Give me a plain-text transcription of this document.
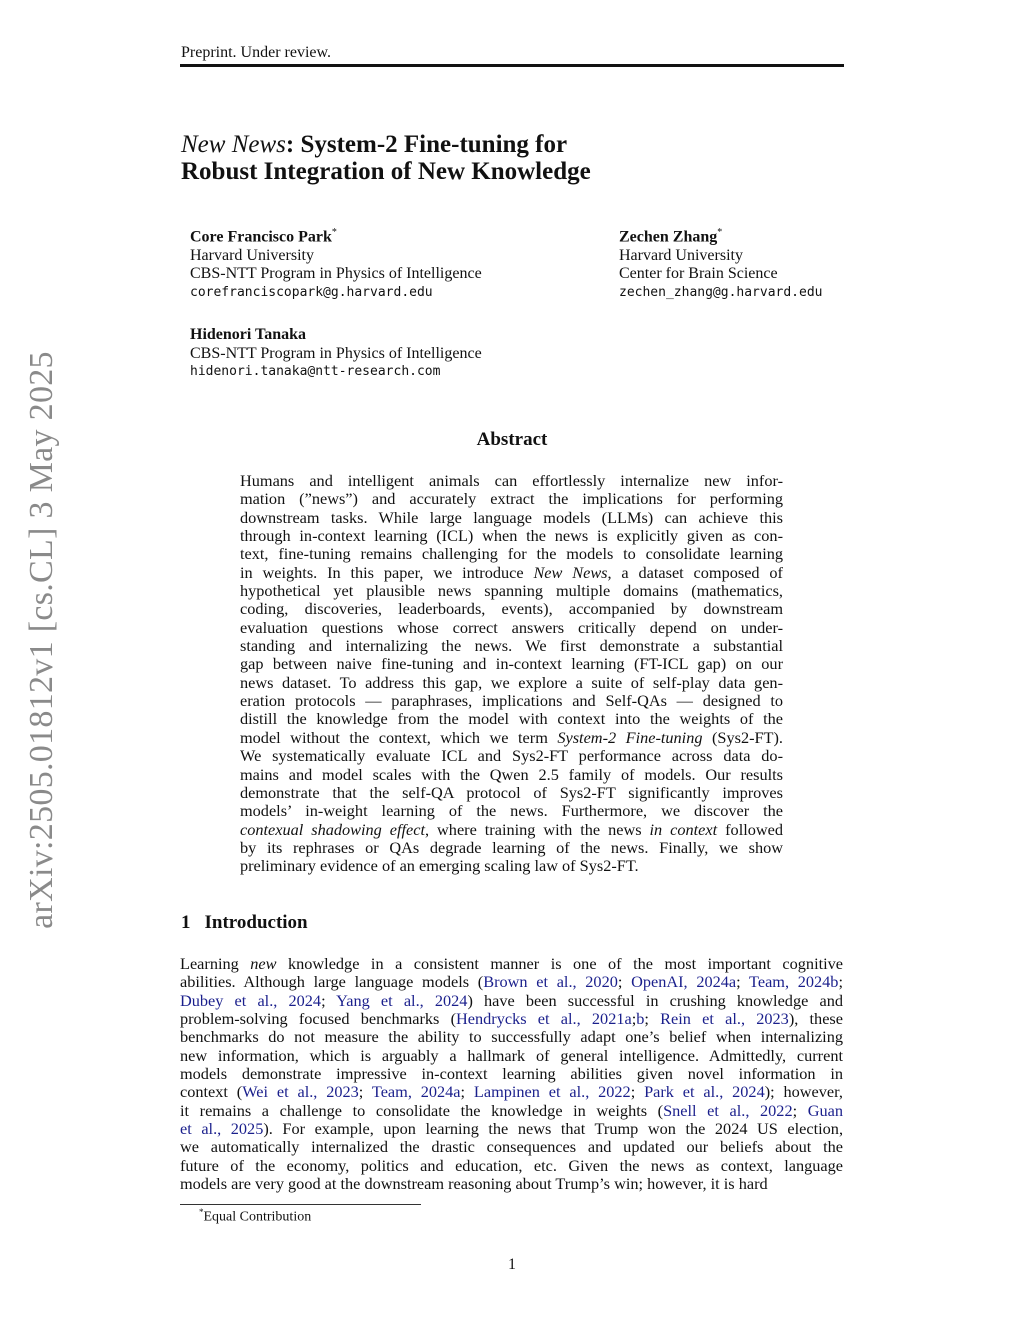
Preprint. Under review.
arXiv:2505.01812v1 [cs.CL] 3 May 2025
New News: System-2 Fine-tuning for
Robust Integration of New Knowledge
Core Francisco Park*
Harvard University
CBS-NTT Program in Physics of Intelligence
corefranciscopark@g.harvard.edu
Zechen Zhang*
Harvard University
Center for Brain Science
zechen_zhang@g.harvard.edu
Hidenori Tanaka
CBS-NTT Program in Physics of Intelligence
hidenori.tanaka@ntt-research.com
Abstract
Humans and intelligent animals can effortlessly internalize new infor-
mation (”news”) and accurately extract the implications for performing
downstream tasks. While large language models (LLMs) can achieve this
through in-context learning (ICL) when the news is explicitly given as con-
text, fine-tuning remains challenging for the models to consolidate learning
in weights. In this paper, we introduce New News, a dataset composed of
hypothetical yet plausible news spanning multiple domains (mathematics,
coding, discoveries, leaderboards, events), accompanied by downstream
evaluation questions whose correct answers critically depend on under-
standing and internalizing the news. We first demonstrate a substantial
gap between naive fine-tuning and in-context learning (FT-ICL gap) on our
news dataset. To address this gap, we explore a suite of self-play data gen-
eration protocols — paraphrases, implications and Self-QAs — designed to
distill the knowledge from the model with context into the weights of the
model without the context, which we term System-2 Fine-tuning (Sys2-FT).
We systematically evaluate ICL and Sys2-FT performance across data do-
mains and model scales with the Qwen 2.5 family of models. Our results
demonstrate that the self-QA protocol of Sys2-FT significantly improves
models’ in-weight learning of the news. Furthermore, we discover the
contexual shadowing effect, where training with the news in context followed
by its rephrases or QAs degrade learning of the news. Finally, we show
preliminary evidence of an emerging scaling law of Sys2-FT.
1 Introduction
Learning new knowledge in a consistent manner is one of the most important cognitive
abilities. Although large language models (Brown et al., 2020; OpenAI, 2024a; Team, 2024b;
Dubey et al., 2024; Yang et al., 2024) have been successful in crushing knowledge and
problem-solving focused benchmarks (Hendrycks et al., 2021a;b; Rein et al., 2023), these
benchmarks do not measure the ability to successfully adapt one’s belief when internalizing
new information, which is arguably a hallmark of general intelligence. Admittedly, current
models demonstrate impressive in-context learning abilities given novel information in
context (Wei et al., 2023; Team, 2024a; Lampinen et al., 2022; Park et al., 2024); however,
it remains a challenge to consolidate the knowledge in weights (Snell et al., 2022; Guan
et al., 2025). For example, upon learning the news that Trump won the 2024 US election,
we automatically internalized the drastic consequences and updated our beliefs about the
future of the economy, politics and education, etc. Given the news as context, language
models are very good at the downstream reasoning about Trump’s win; however, it is hard
*Equal Contribution
1
